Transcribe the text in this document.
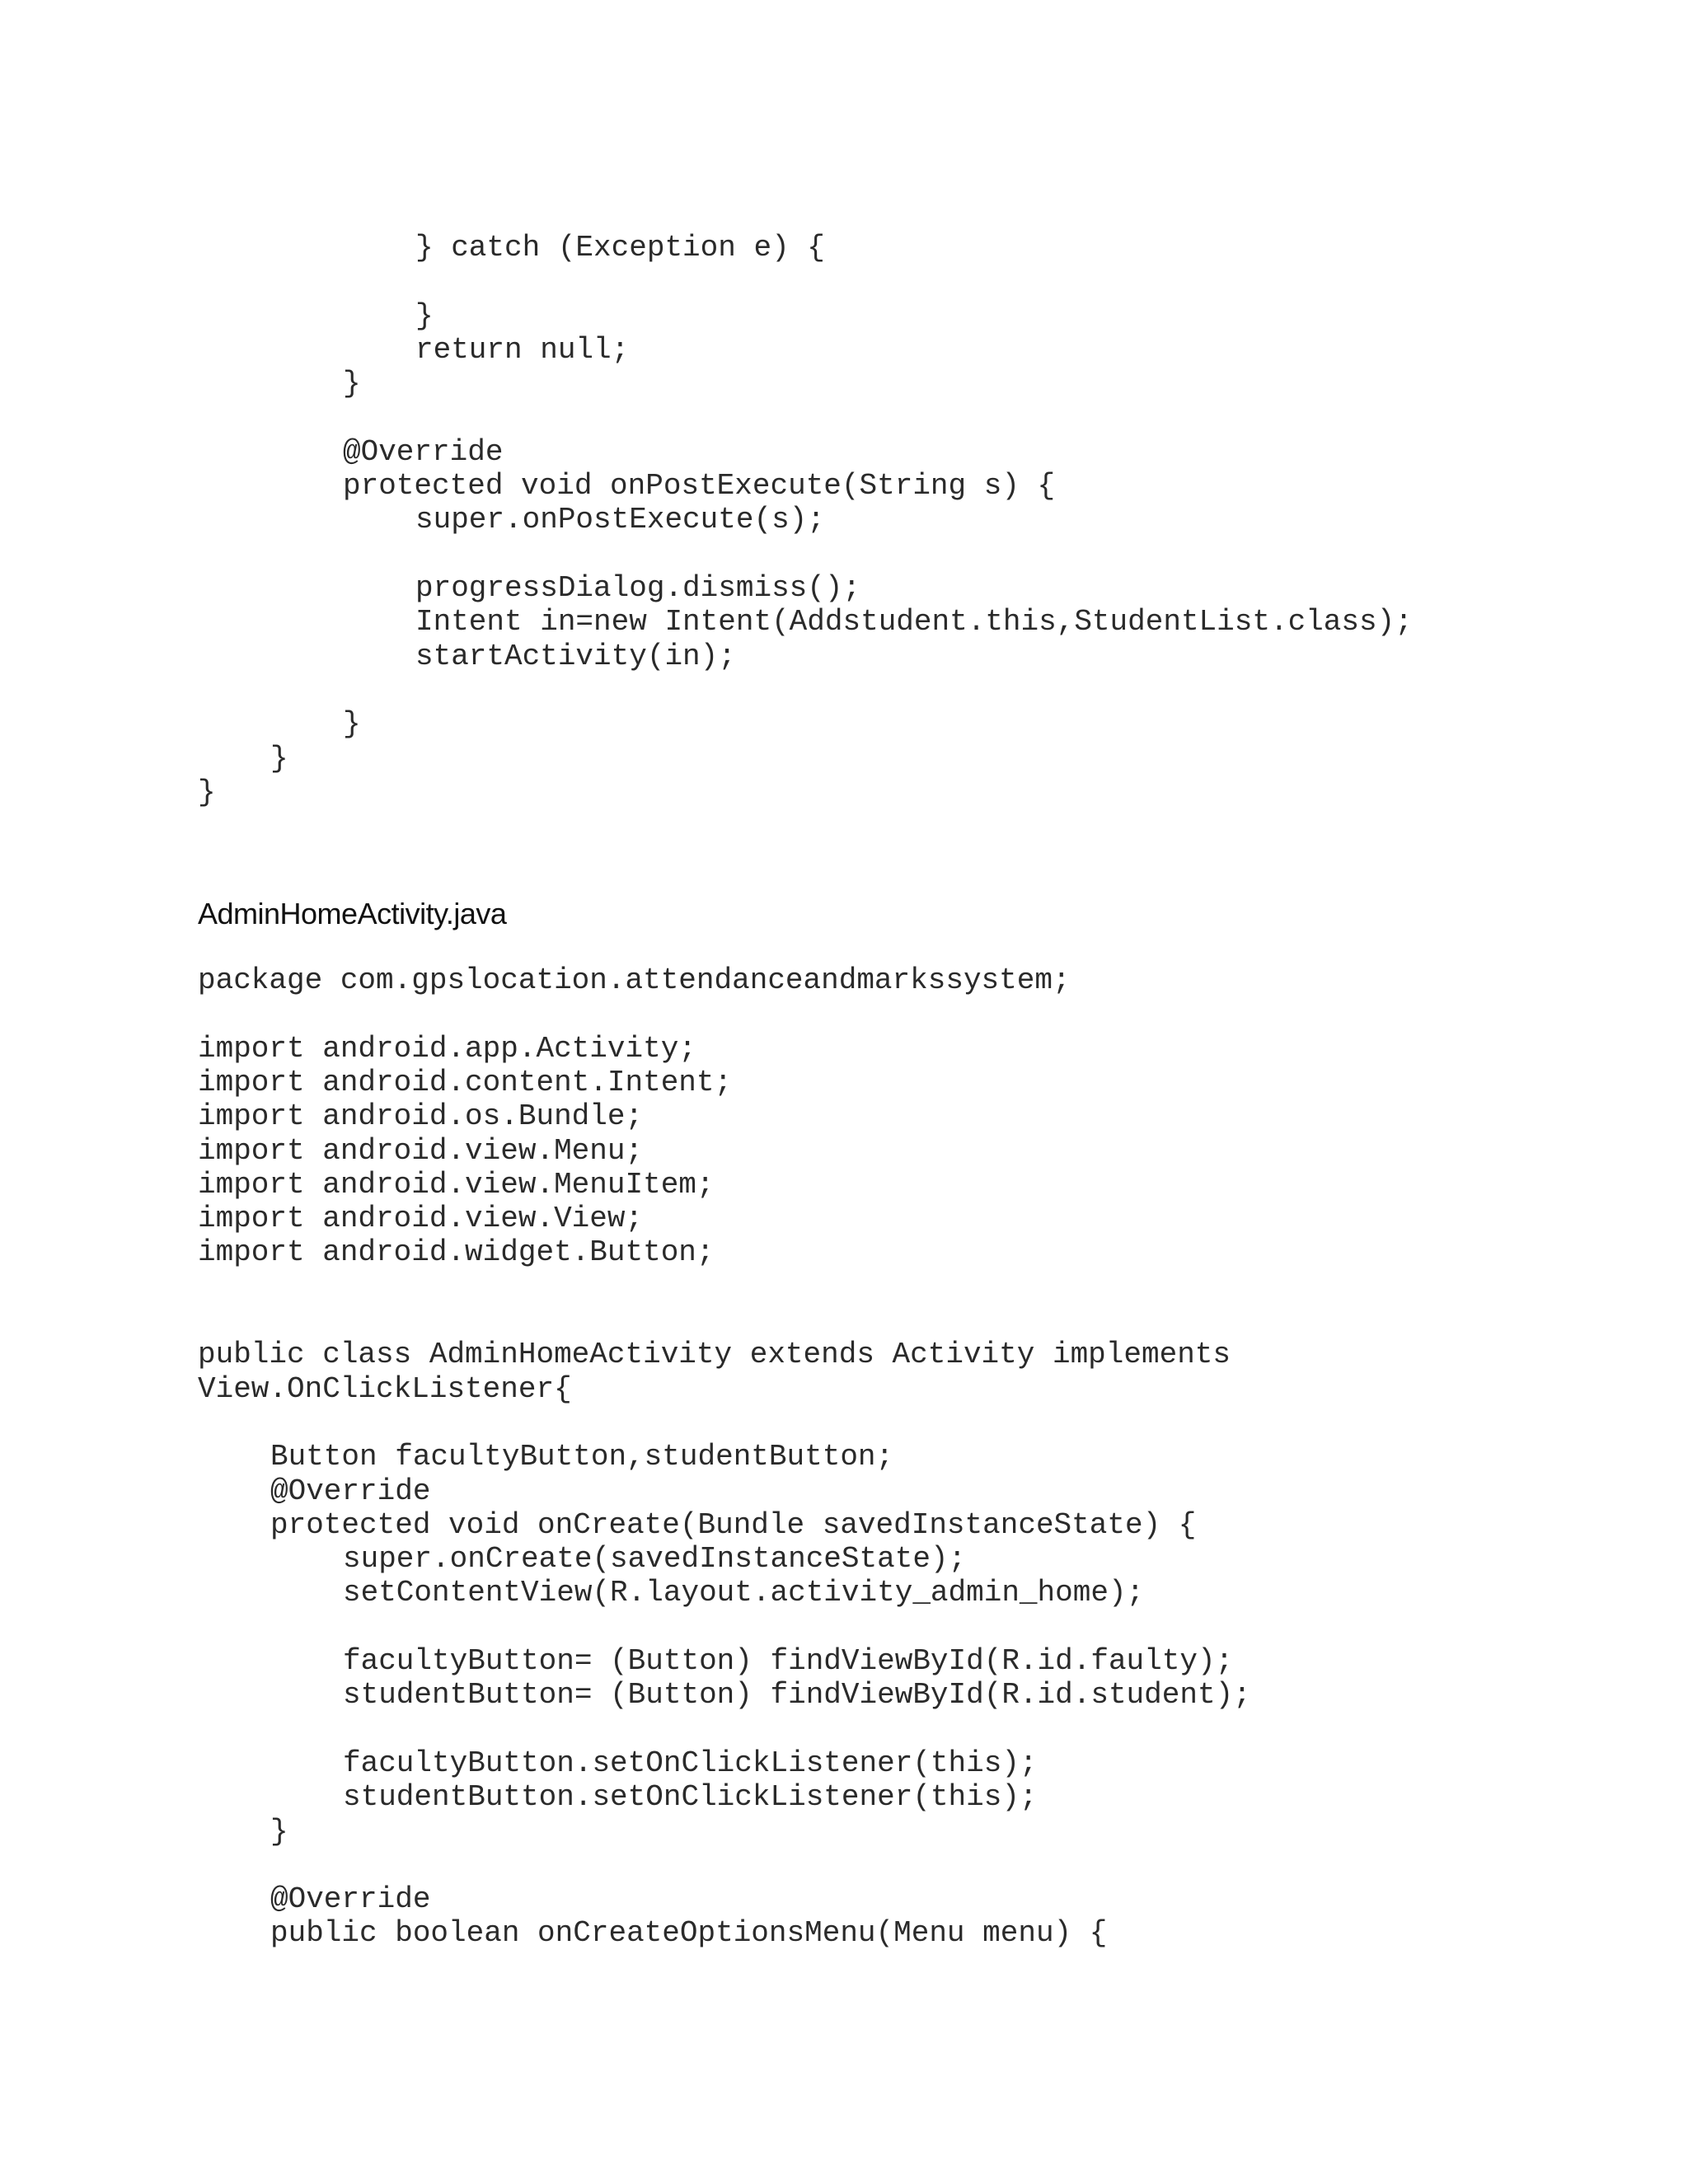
} catch (Exception e) {
}
return null;
}
@Override
protected void onPostExecute(String s) {
super.onPostExecute(s);
progressDialog.dismiss();
Intent in=new Intent(Addstudent.this,StudentList.class);
startActivity(in);
}
}
}
AdminHomeActivity.java
package com.gpslocation.attendanceandmarkssystem;
import android.app.Activity;
import android.content.Intent;
import android.os.Bundle;
import android.view.Menu;
import android.view.MenuItem;
import android.view.View;
import android.widget.Button;
public class AdminHomeActivity extends Activity implements
View.OnClickListener{
Button facultyButton,studentButton;
@Override
protected void onCreate(Bundle savedInstanceState) {
super.onCreate(savedInstanceState);
setContentView(R.layout.activity_admin_home);
facultyButton= (Button) findViewById(R.id.faulty);
studentButton= (Button) findViewById(R.id.student);
facultyButton.setOnClickListener(this);
studentButton.setOnClickListener(this);
}
@Override
public boolean onCreateOptionsMenu(Menu menu) {
